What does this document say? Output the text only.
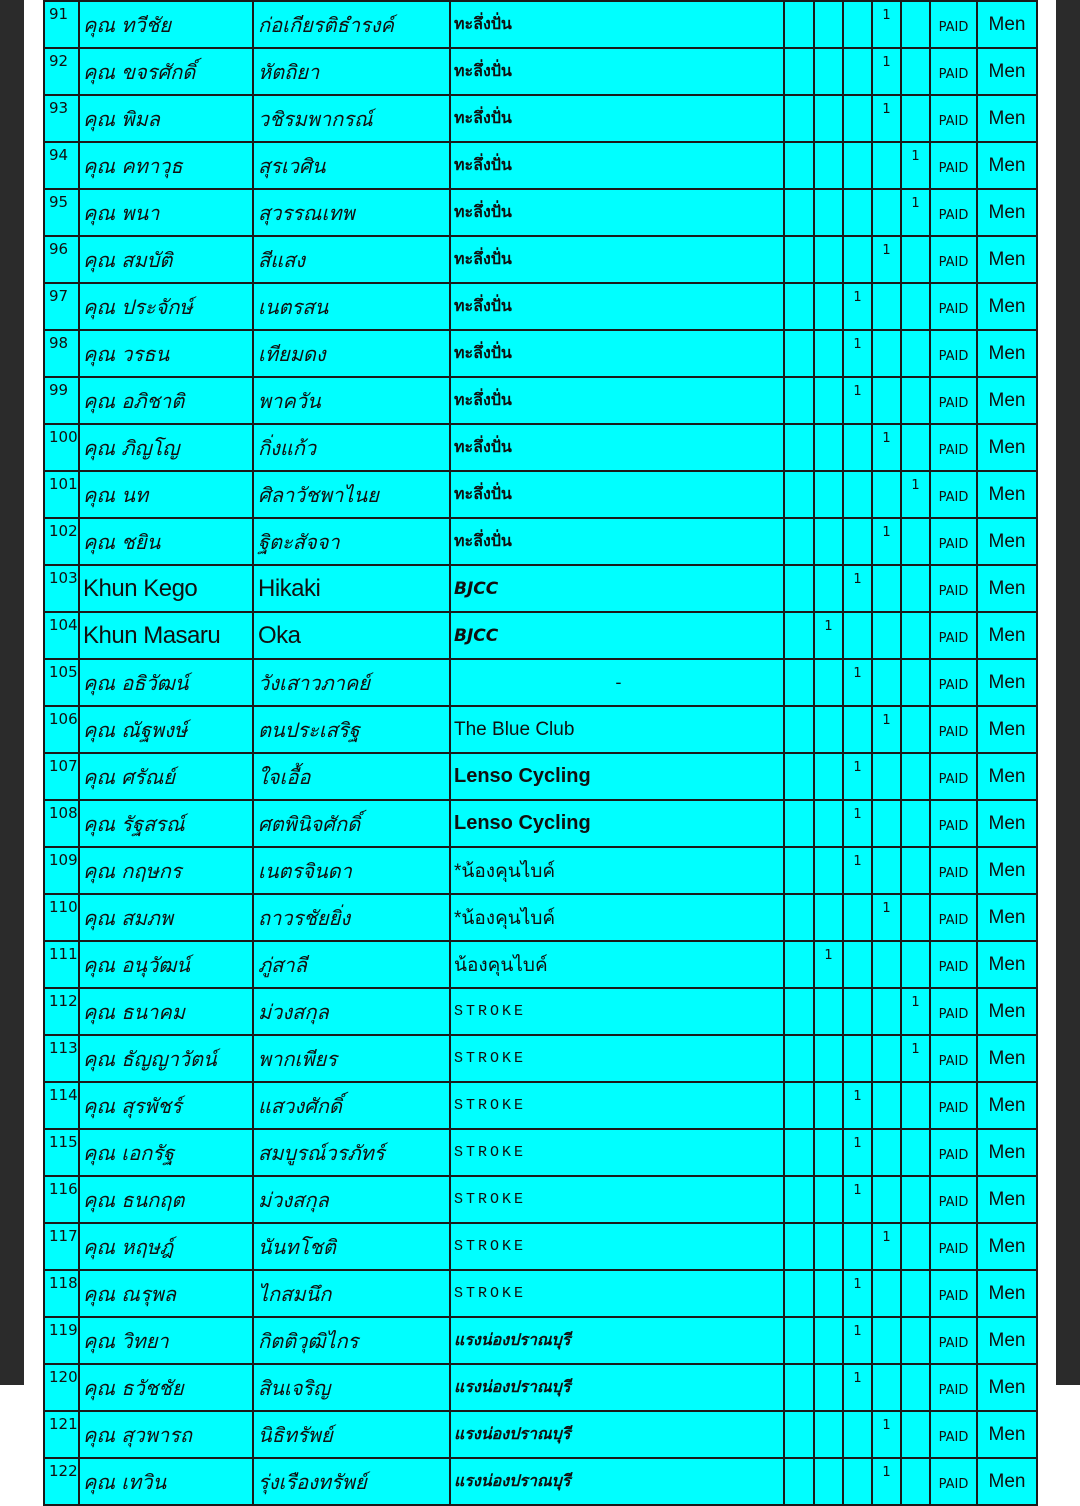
91	คุณ ทวีชัย	ก่อเกียรติธำรงค์	ทะลึ่งปั่น				1		PAID	Men
92	คุณ ขจรศักดิ์	หัตถิยา	ทะลึ่งปั่น				1		PAID	Men
93	คุณ พิมล	วชิรมพากรณ์	ทะลึ่งปั่น				1		PAID	Men
94	คุณ คทาวุธ	สุรเวศิน	ทะลึ่งปั่น					1	PAID	Men
95	คุณ พนา	สุวรรณเทพ	ทะลึ่งปั่น					1	PAID	Men
96	คุณ สมบัติ	สีแสง	ทะลึ่งปั่น				1		PAID	Men
97	คุณ ประจักษ์	เนตรสน	ทะลึ่งปั่น			1			PAID	Men
98	คุณ วรธน	เทียมดง	ทะลึ่งปั่น			1			PAID	Men
99	คุณ อภิชาติ	พาควัน	ทะลึ่งปั่น			1			PAID	Men
100	คุณ ภิญโญ	กิ่งแก้ว	ทะลึ่งปั่น				1		PAID	Men
101	คุณ นท	ศิลาวัชพาไนย	ทะลึ่งปั่น					1	PAID	Men
102	คุณ ชยิน	ฐิตะสัจจา	ทะลึ่งปั่น				1		PAID	Men
103	Khun Kego	Hikaki	BJCC			1			PAID	Men
104	Khun Masaru	Oka	BJCC		1				PAID	Men
105	คุณ อธิวัฒน์	วังเสาวภาคย์	-			1			PAID	Men
106	คุณ ณัฐพงษ์	ตนประเสริฐ	The Blue Club				1		PAID	Men
107	คุณ ศรัณย์	ใจเอื้อ	Lenso Cycling			1			PAID	Men
108	คุณ รัฐสรณ์	ศตพินิจศักดิ์	Lenso Cycling			1			PAID	Men
109	คุณ กฤษกร	เนตรจินดา	*น้องคุนไบค์			1			PAID	Men
110	คุณ สมภพ	ถาวรชัยยิ่ง	*น้องคุนไบค์				1		PAID	Men
111	คุณ อนุวัฒน์	ภู่สาลี	น้องคุนไบค์		1				PAID	Men
112	คุณ ธนาคม	ม่วงสกุล	STROKE					1	PAID	Men
113	คุณ ธัญญาวัตน์	พากเพียร	STROKE					1	PAID	Men
114	คุณ สุรพัชร์	แสวงศักดิ์	STROKE			1			PAID	Men
115	คุณ เอกรัฐ	สมบูรณ์วรภัทร์	STROKE			1			PAID	Men
116	คุณ ธนกฤต	ม่วงสกุล	STROKE			1			PAID	Men
117	คุณ หฤษฎ์	นันทโชติ	STROKE				1		PAID	Men
118	คุณ ณรุพล	ไกสมนึก	STROKE			1			PAID	Men
119	คุณ วิทยา	กิตติวุฒิไกร	แรงน่องปราณบุรี			1			PAID	Men
120	คุณ ธวัชชัย	สินเจริญ	แรงน่องปราณบุรี			1			PAID	Men
121	คุณ สุวพารถ	นิธิทรัพย์	แรงน่องปราณบุรี				1		PAID	Men
122	คุณ เทวิน	รุ่งเรืองทรัพย์	แรงน่องปราณบุรี				1		PAID	Men
